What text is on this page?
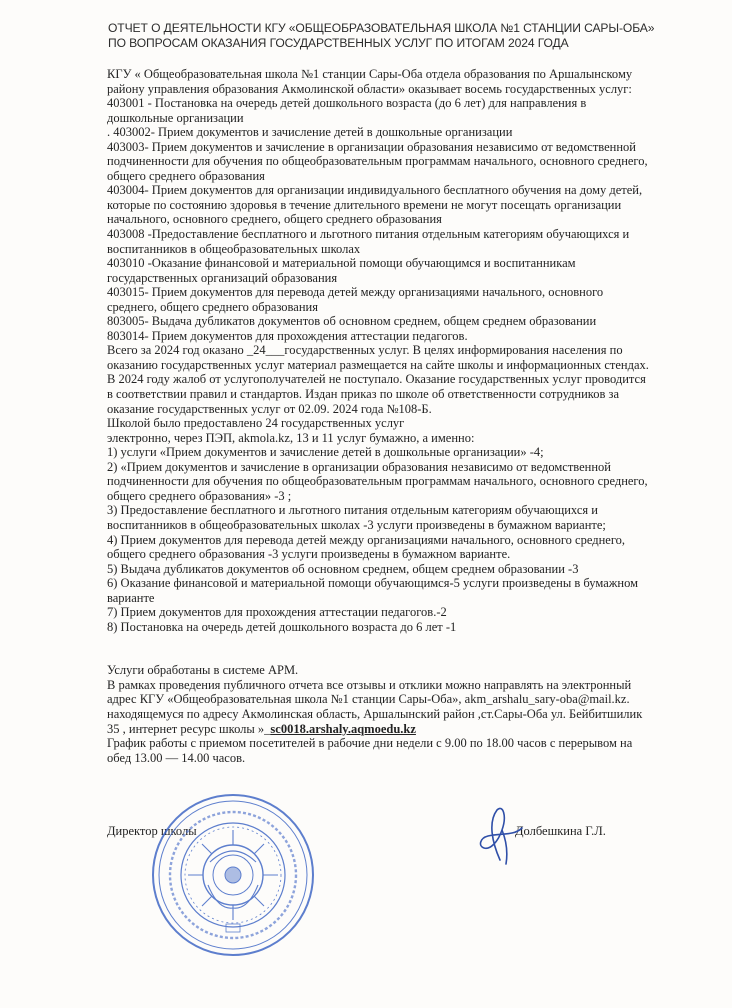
ОТЧЕТ О ДЕЯТЕЛЬНОСТИ КГУ «ОБЩЕОБРАЗОВАТЕЛЬНАЯ ШКОЛА №1 СТАНЦИИ САРЫ-ОБА»
ПО ВОПРОСАМ ОКАЗАНИЯ ГОСУДАРСТВЕННЫХ УСЛУГ ПО ИТОГАМ 2024 ГОДА
КГУ « Общеобразовательная школа №1 станции Сары-Оба отдела образования по Аршалынскому
району управления образования Акмолинской области» оказывает восемь государственных услуг:
403001 - Постановка на очередь детей дошкольного возраста (до 6 лет) для направления в
дошкольные организации
. 403002- Прием документов и зачисление детей в дошкольные организации
403003- Прием документов и зачисление в организации образования независимо от ведомственной
подчиненности для обучения по общеобразовательным программам начального, основного среднего,
общего среднего образования
403004- Прием документов для организации индивидуального бесплатного обучения на дому детей,
которые по состоянию здоровья в течение длительного времени не могут посещать организации
начального, основного среднего, общего среднего образования
403008 -Предоставление бесплатного и льготного питания отдельным категориям обучающихся и
воспитанников в общеобразовательных школах
403010 -Оказание финансовой и материальной помощи обучающимся и воспитанникам
государственных организаций образования
403015- Прием документов для перевода детей между организациями начального, основного
среднего, общего среднего образования
803005- Выдача дубликатов документов об основном среднем, общем среднем образовании
803014- Прием документов для прохождения аттестации педагогов.
Всего за 2024 год оказано _24___государственных услуг. В целях информирования населения по
оказанию государственных услуг материал размещается на сайте школы и информационных стендах.
В 2024 году жалоб от услугополучателей не поступало. Оказание государственных услуг проводится
в соответствии правил и стандартов. Издан приказ по школе об ответственности сотрудников за
оказание государственных услуг от 02.09. 2024 года №108-Б.
Школой было предоставлено 24 государственных услуг
электронно, через ПЭП, akmola.kz, 13 и 11 услуг бумажно, а именно:
1) услуги «Прием документов и зачисление детей в дошкольные организации» -4;
2) «Прием документов и зачисление в организации образования независимо от ведомственной
подчиненности для обучения по общеобразовательным программам начального, основного среднего,
общего среднего образования» -3 ;
3) Предоставление бесплатного и льготного питания отдельным категориям обучающихся и
воспитанников в общеобразовательных школах -3 услуги произведены в бумажном варианте;
4) Прием документов для перевода детей между организациями начального, основного среднего,
общего среднего образования -3 услуги произведены в бумажном варианте.
5) Выдача дубликатов документов об основном среднем, общем среднем образовании -3
6) Оказание финансовой и материальной помощи обучающимся-5 услуги произведены в бумажном
варианте
7) Прием документов для прохождения аттестации педагогов.-2
8) Постановка на очередь детей дошкольного возраста до 6 лет -1
Услуги обработаны в системе АРМ.
В рамках проведения публичного отчета все отзывы и отклики можно направлять на электронный
адрес КГУ «Общеобразовательная школа №1 станции Сары-Оба», akm_arshalu_sary-oba@mail.kz.
находящемуся по адресу Акмолинская область, Аршалынский район ,ст.Сары-Оба ул. Бейбитшилик
35 , интернет ресурс школы »_sc0018.arshaly.aqmoedu.kz
График работы с приемом посетителей в рабочие дни недели с 9.00 по 18.00 часов с перерывом на
обед 13.00 — 14.00 часов.
Директор школы	Долбешкина Г.Л.
